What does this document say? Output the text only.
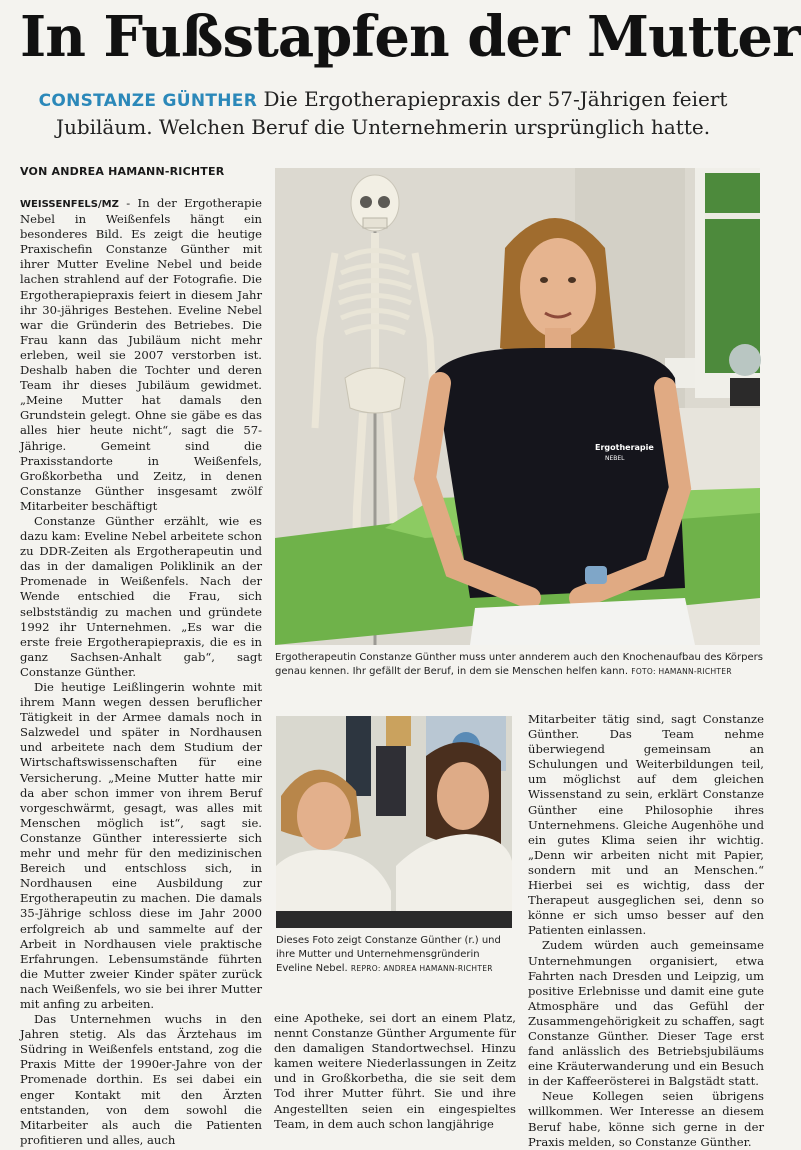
In Fußstapfen der Mutter
CONSTANZE GÜNTHER Die Ergotherapiepraxis der 57-Jährigen feiert Jubiläum. Welchen Beruf die Unternehmerin ursprünglich hatte.
VON ANDREA HAMANN-RICHTER

WEISSENFELS/MZ - In der Ergotherapie Nebel in Weißenfels hängt ein besonderes Bild. Es zeigt die heutige Praxischefin Constanze Günther mit ihrer Mutter Eveline Nebel und beide lachen strahlend auf der Fotografie. Die Ergotherapiepraxis feiert in diesem Jahr ihr 30-jähriges Bestehen. Eveline Nebel war die Gründerin des Betriebes. Die Frau kann das Jubiläum nicht mehr erleben, weil sie 2007 verstorben ist. Deshalb haben die Tochter und deren Team ihr dieses Jubiläum gewidmet. „Meine Mutter hat damals den Grundstein gelegt. Ohne sie gäbe es das alles hier heute nicht“, sagt die 57-Jährige. Gemeint sind die Praxisstandorte in Weißenfels, Großkorbetha und Zeitz, in denen Constanze Günther insgesamt zwölf Mitarbeiter beschäftigt

Constanze Günther erzählt, wie es dazu kam: Eveline Nebel arbeitete schon zu DDR-Zeiten als Ergotherapeutin und das in der damaligen Poliklinik an der Promenade in Weißenfels. Nach der Wende entschied die Frau, sich selbstständig zu machen und gründete 1992 ihr Unternehmen. „Es war die erste freie Ergotherapiepraxis, die es in ganz Sachsen-Anhalt gab“, sagt Constanze Günther.

Die heutige Leißlingerin wohnte mit ihrem Mann wegen dessen beruflicher Tätigkeit in der Armee damals noch in Salzwedel und später in Nordhausen und arbeitete nach dem Studium der Wirtschaftswissenschaften für eine Versicherung. „Meine Mutter hatte mir da aber schon immer von ihrem Beruf vorgeschwärmt, gesagt, was alles mit Menschen möglich ist“, sagt sie. Constanze Günther interessierte sich mehr und mehr für den medizinischen Bereich und entschloss sich, in Nordhausen eine Ausbildung zur Ergotherapeutin zu machen. Die damals 35-Jährige schloss diese im Jahr 2000 erfolgreich ab und sammelte auf der Arbeit in Nordhausen viele praktische Erfahrungen. Lebensumstände führten die Mutter zweier Kinder später zurück nach Weißenfels, wo sie bei ihrer Mutter mit anfing zu arbeiten.

Das Unternehmen wuchs in den Jahren stetig. Als das Ärztehaus im Südring in Weißenfels entstand, zog die Praxis Mitte der 1990er-Jahre von der Promenade dorthin. Es sei dabei ein enger Kontakt mit den Ärzten entstanden, von dem sowohl die Mitarbeiter als auch die Patienten profitieren und alles, auch

Ergotherapie
NEBEL
Ergotherapeutin Constanze Günther muss unter annderem auch den Knochenaufbau des Körpers genau kennen. Ihr gefällt der Beruf, in dem sie Menschen helfen kann. FOTO: HAMANN-RICHTER
Dieses Foto zeigt Constanze Günther (r.) und ihre Mutter und Unternehmensgründerin Eveline Nebel. REPRO: ANDREA HAMANN-RICHTER

eine Apotheke, sei dort an einem Platz, nennt Constanze Günther Argumente für den damaligen Standortwechsel. Hinzu kamen weitere Niederlassungen in Zeitz und in Großkorbetha, die sie seit dem Tod ihrer Mutter führt. Sie und ihre Angestellten seien ein eingespieltes Team, in dem auch schon langjährige

Mitarbeiter tätig sind, sagt Constanze Günther. Das Team nehme überwiegend gemeinsam an Schulungen und Weiterbildungen teil, um möglichst auf dem gleichen Wissenstand zu sein, erklärt Constanze Günther eine Philosophie ihres Unternehmens. Gleiche Augenhöhe und ein gutes Klima seien ihr wichtig. „Denn wir arbeiten nicht mit Papier, sondern mit und an Menschen.“ Hierbei sei es wichtig, dass der Therapeut ausgeglichen sei, denn so könne er sich umso besser auf den Patienten einlassen.

Zudem würden auch gemeinsame Unternehmungen organisiert, etwa Fahrten nach Dresden und Leipzig, um positive Erlebnisse und damit eine gute Atmosphäre und das Gefühl der Zusammengehörigkeit zu schaffen, sagt Constanze Günther. Dieser Tage erst fand anlässlich des Betriebsjubiläums eine Kräuterwanderung und ein Besuch in der Kaffeerösterei in Balgstädt statt.

Neue Kollegen seien übrigens willkommen. Wer Interesse an diesem Beruf habe, könne sich gerne in der Praxis melden, so Constanze Günther.
